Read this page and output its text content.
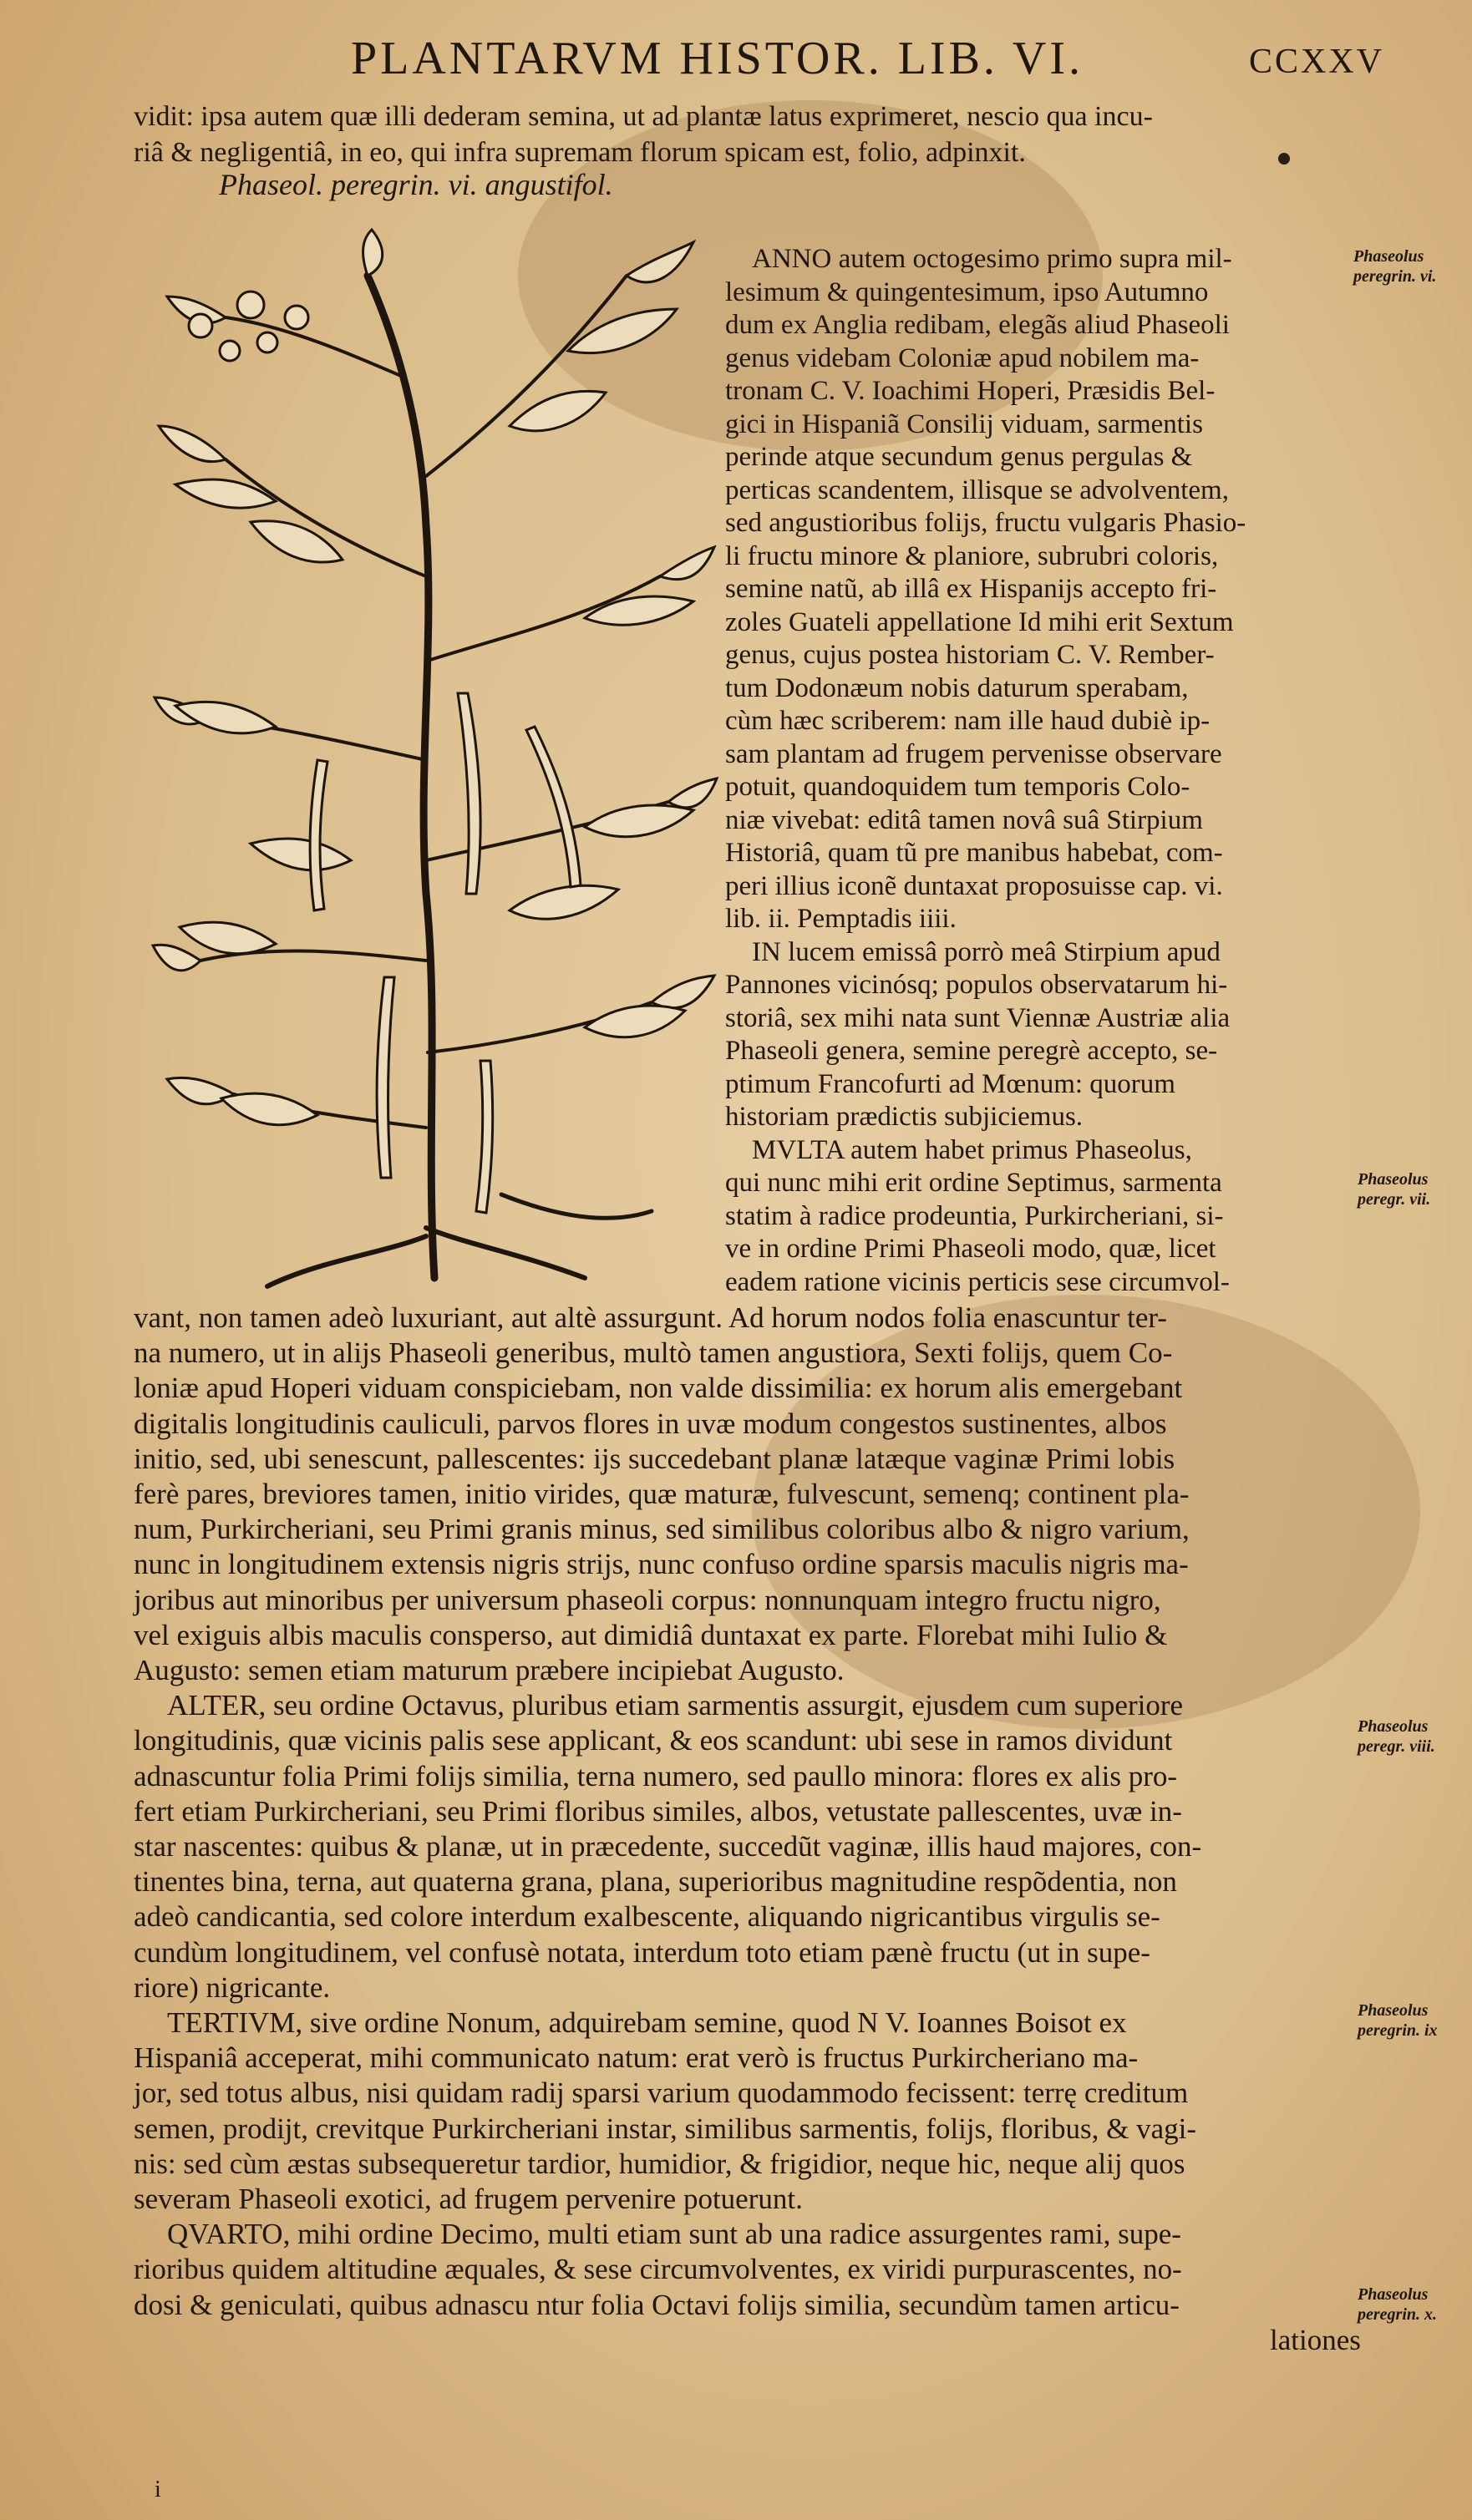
PLANTARVM HISTOR. LIB. VI.	CCXXV
vidit: ipsa autem quæ illi dederam semina, ut ad plantæ latus exprimeret, nescio qua incu-
riâ & negligentiâ, in eo, qui infra supremam florum spicam est, folio, adpinxit.
Phaseol. peregrin. vi. angustifol.
Phaseolus
peregrin. vi.
Phaseolus
peregr. vii.
Phaseolus
peregr. viii.
Phaseolus
peregrin. ix
Phaseolus
peregrin. x.
ANNO autem octogesimo primo supra mil-
lesimum & quingentesimum, ipso Autumno
dum ex Anglia redibam, elegãs aliud Phaseoli
genus videbam Coloniæ apud nobilem ma-
tronam C. V. Ioachimi Hoperi, Præsidis Bel-
gici in Hispaniã Consilij viduam, sarmentis
perinde atque secundum genus pergulas &
perticas scandentem, illisque se advolventem,
sed angustioribus folijs, fructu vulgaris Phasio-
li fructu minore & planiore, subrubri coloris,
semine natũ, ab illâ ex Hispanijs accepto fri-
zoles Guateli appellatione Id mihi erit Sextum
genus, cujus postea historiam C. V. Rember-
tum Dodonæum nobis daturum sperabam,
cùm hæc scriberem: nam ille haud dubiè ip-
sam plantam ad frugem pervenisse observare
potuit, quandoquidem tum temporis Colo-
niæ vivebat: editâ tamen novâ suâ Stirpium
Historiâ, quam tũ pre manibus habebat, com-
peri illius iconẽ duntaxat proposuisse cap. vi.
lib. ii. Pemptadis iiii.
IN lucem emissâ porrò meâ Stirpium apud
Pannones vicinósq; populos observatarum hi-
storiâ, sex mihi nata sunt Viennæ Austriæ alia
Phaseoli genera, semine peregrè accepto, se-
ptimum Francofurti ad Mœnum: quorum
historiam prædictis subjiciemus.
MVLTA autem habet primus Phaseolus,
qui nunc mihi erit ordine Septimus, sarmenta
statim à radice prodeuntia, Purkircheriani, si-
ve in ordine Primi Phaseoli modo, quæ, licet
eadem ratione vicinis perticis sese circumvol-
vant, non tamen adeò luxuriant, aut altè assurgunt. Ad horum nodos folia enascuntur ter-
na numero, ut in alijs Phaseoli generibus, multò tamen angustiora, Sexti folijs, quem Co-
loniæ apud Hoperi viduam conspiciebam, non valde dissimilia: ex horum alis emergebant
digitalis longitudinis cauliculi, parvos flores in uvæ modum congestos sustinentes, albos
initio, sed, ubi senescunt, pallescentes: ijs succedebant planæ latæque vaginæ Primi lobis
ferè pares, breviores tamen, initio virides, quæ maturæ, fulvescunt, semenq; continent pla-
num, Purkircheriani, seu Primi granis minus, sed similibus coloribus albo & nigro varium,
nunc in longitudinem extensis nigris strijs, nunc confuso ordine sparsis maculis nigris ma-
joribus aut minoribus per universum phaseoli corpus: nonnunquam integro fructu nigro,
vel exiguis albis maculis conspersо, aut dimidiâ duntaxat ex parte. Florebat mihi Iulio &
Augusto: semen etiam maturum præbere incipiebat Augusto.
ALTER, seu ordine Octavus, pluribus etiam sarmentis assurgit, ejusdem cum superiore
longitudinis, quæ vicinis palis sese applicant, & eos scandunt: ubi sese in ramos dividunt
adnascuntur folia Primi folijs similia, terna numero, sed paullo minora: flores ex alis pro-
fert etiam Purkircheriani, seu Primi floribus similes, albos, vetustate pallescentes, uvæ in-
star nascentes: quibus & planæ, ut in præcedente, succedũt vaginæ, illis haud majores, con-
tinentes bina, terna, aut quaterna grana, plana, superioribus magnitudine respõdentia, non
adeò candicantia, sed colore interdum exalbescente, aliquando nigricantibus virgulis se-
cundùm longitudinem, vel confusè notata, interdum toto etiam pænè fructu (ut in supe-
riore) nigricante.
TERTIVM, sive ordine Nonum, adquirebam semine, quod N V. Ioannes Boisot ex
Hispaniâ acceperat, mihi communicato natum: erat verò is fructus Purkircheriano ma-
jor, sed totus albus, nisi quidam radij sparsi varium quodammodo fecissent: terrę creditum
semen, prodijt, crevitque Purkircheriani instar, similibus sarmentis, folijs, floribus, & vagi-
nis: sed cùm æstas subsequeretur tardior, humidior, & frigidior, neque hic, neque alij quos
severam Phaseoli exotici, ad frugem pervenire potuerunt.
QVARTO, mihi ordine Decimo, multi etiam sunt ab una radice assurgentes rami, supe-
rioribus quidem altitudine æquales, & sese circumvolventes, ex viridi purpurascentes, no-
dosi & geniculati, quibus adnascu ntur folia Octavi folijs similia, secundùm tamen articu-
lationes
i
